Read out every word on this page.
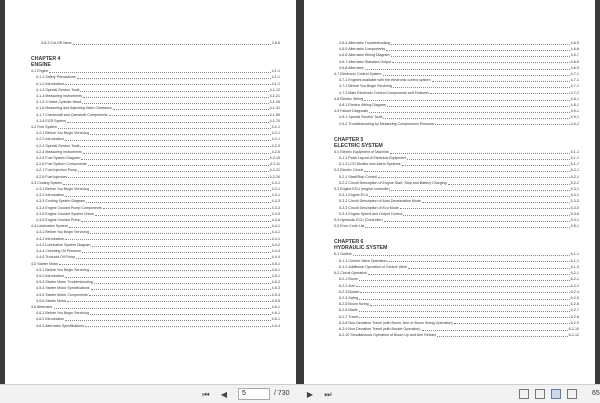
3-6-3 Cut-Off Valve	3-6-6
CHAPTER 4
ENGINE
4-1 Engine	4-1-1
4-1-1 Safety Precautions	4-1-1
4-1-2 Introduction	4-1-1
4-1-3 Special Service Tools	4-1-12
4-1-4 Measuring Instruments	4-1-21
4-1-5 V-Valve Cylinder Head	4-1-26
4-1-6 Measuring and Adjusting Valve Clearance	4-1-41
4-1-7 Crankshaft and Camshaft Components	4-1-50
4-1-8 EGR System	4-1-70
4-2 Fuel System	4-2-1
4-2-1 Before You Begin Servicing	4-2-1
4-2-2 Introduction	4-2-1
4-2-3 Special Service Tools	4-2-3
4-2-4 Measuring Instruments	4-2-5
4-2-5 Fuel System Diagram	4-2-10
4-2-6 Fuel System Components	4-2-11
4-2-7 Fuel Injection Pump	4-2-21
4-2-8 Fuel Injectors	4-2-29
4-3 Cooling System	4-3-1
4-3-1 Before You Begin Servicing	4-3-1
4-3-2 Introduction	4-3-1
4-3-3 Cooling System Diagram	4-3-3
4-3-4 Engine Coolant Pump Components	4-3-4
4-3-5 Engine Coolant System Check	4-3-5
4-3-6 Engine Coolant Pump	4-3-6
4-4 Lubrication System	4-4-1
4-4-1 Before You Begin Servicing	4-4-1
4-4-2 Introduction	4-4-1
4-4-3 Lubrication System Diagram	4-4-2
4-4-4 Checking Oil Pressure	4-4-3
4-4-5 Trochoid Oil Pump	4-4-4
4-5 Starter Motor	4-5-1
4-5-1 Before You Begin Servicing	4-5-1
4-5-2 Introduction	4-5-1
4-5-3 Starter Motor Troubleshooting	4-5-2
4-5-4 Starter Motor Specifications	4-5-3
4-5-5 Starter Motor Components	4-5-4
4-5-6 Starter Motor	4-5-5
4-6 Alternator	4-6-1
4-6-1 Before You Begin Servicing	4-6-1
4-6-2 Introduction	4-6-1
4-6-3 Alternator Specifications	4-6-4
4-6-4 Alternator Troubleshooting	4-6-5
4-6-5 Alternator Components	4-6-6
4-6-6 Alternator Wiring Diagram	4-6-7
4-6-7 Alternator Standard Output	4-6-8
4-6-8 Alternator	4-6-9
4-7 Electronic Control System	4-7-1
4-7-1 Engines available with the electronic control system	4-7-1
4-7-2 Before You Begin Servicing	4-7-1
4-7-3 Main Electronic Control Components and Features	4-7-2
4-8 Electric Wiring	4-8-1
4-8-1 Electric Wiring Diagram	4-8-1
4-9 Failure Diagnosis	4-9-1
4-9-1 Special Service Tools	4-9-1
4-9-2 Troubleshooting by Measuring Compression Pressure	4-9-2
CHAPTER 5
ELECTRIC SYSTEM
5-1 Electric Equipment of Machine	5-1-1
5-1-1 Parts Layout of Electrical Equipment	5-1-1
5-1-2 LCD Monitor and Alarm Systems	5-1-7
5-2 Electric Circuit	5-2-1
5-2-1 Start/Stop Control	5-2-1
5-2-2 Circuit Description of Engine Start, Stop and Battery Charging	5-2-2
5-3 Engine ECU (engine controller)	5-3-1
5-3-1 Engine ECU	5-3-1
5-3-2 Circuit Description of Auto Deceleration Mode	5-3-3
5-3-3 Circuit Description of Eco Mode	5-3-5
5-3-4 Engine Speed and Output Control	5-3-6
5-4 Hydraulic ECU (Controller)	5-4-1
5-5 Error Code List	5-5-1
CHAPTER 6
HYDRAULIC SYSTEM
6-1 Outline	6-1-1
6-1-1 Control Valve Operation	6-1-1
6-1-2 Additional Operation of Control Valve	6-1-3
6-2 Circuit Operation	6-2-1
6-2-1 Boom	6-2-1
6-2-2 Arm	6-2-2
6-2-3 Bucket	6-2-4
6-2-4 Swing	6-2-5
6-2-5 Boom Swing	6-2-6
6-2-6 Blade	6-2-7
6-2-7 Travel	6-2-8
6-2-8 Non-Deviation Travel (with Boom, Arm or Boom Swing Operation)	6-2-9
6-2-9 Non-Deviation Travel (with Bucket Operation)	6-2-10
6-2-10 Simultaneous Operation of Boom Up and Arm Retract	6-2-12
⏮	◀	5	/ 730	▶	⏭	65
